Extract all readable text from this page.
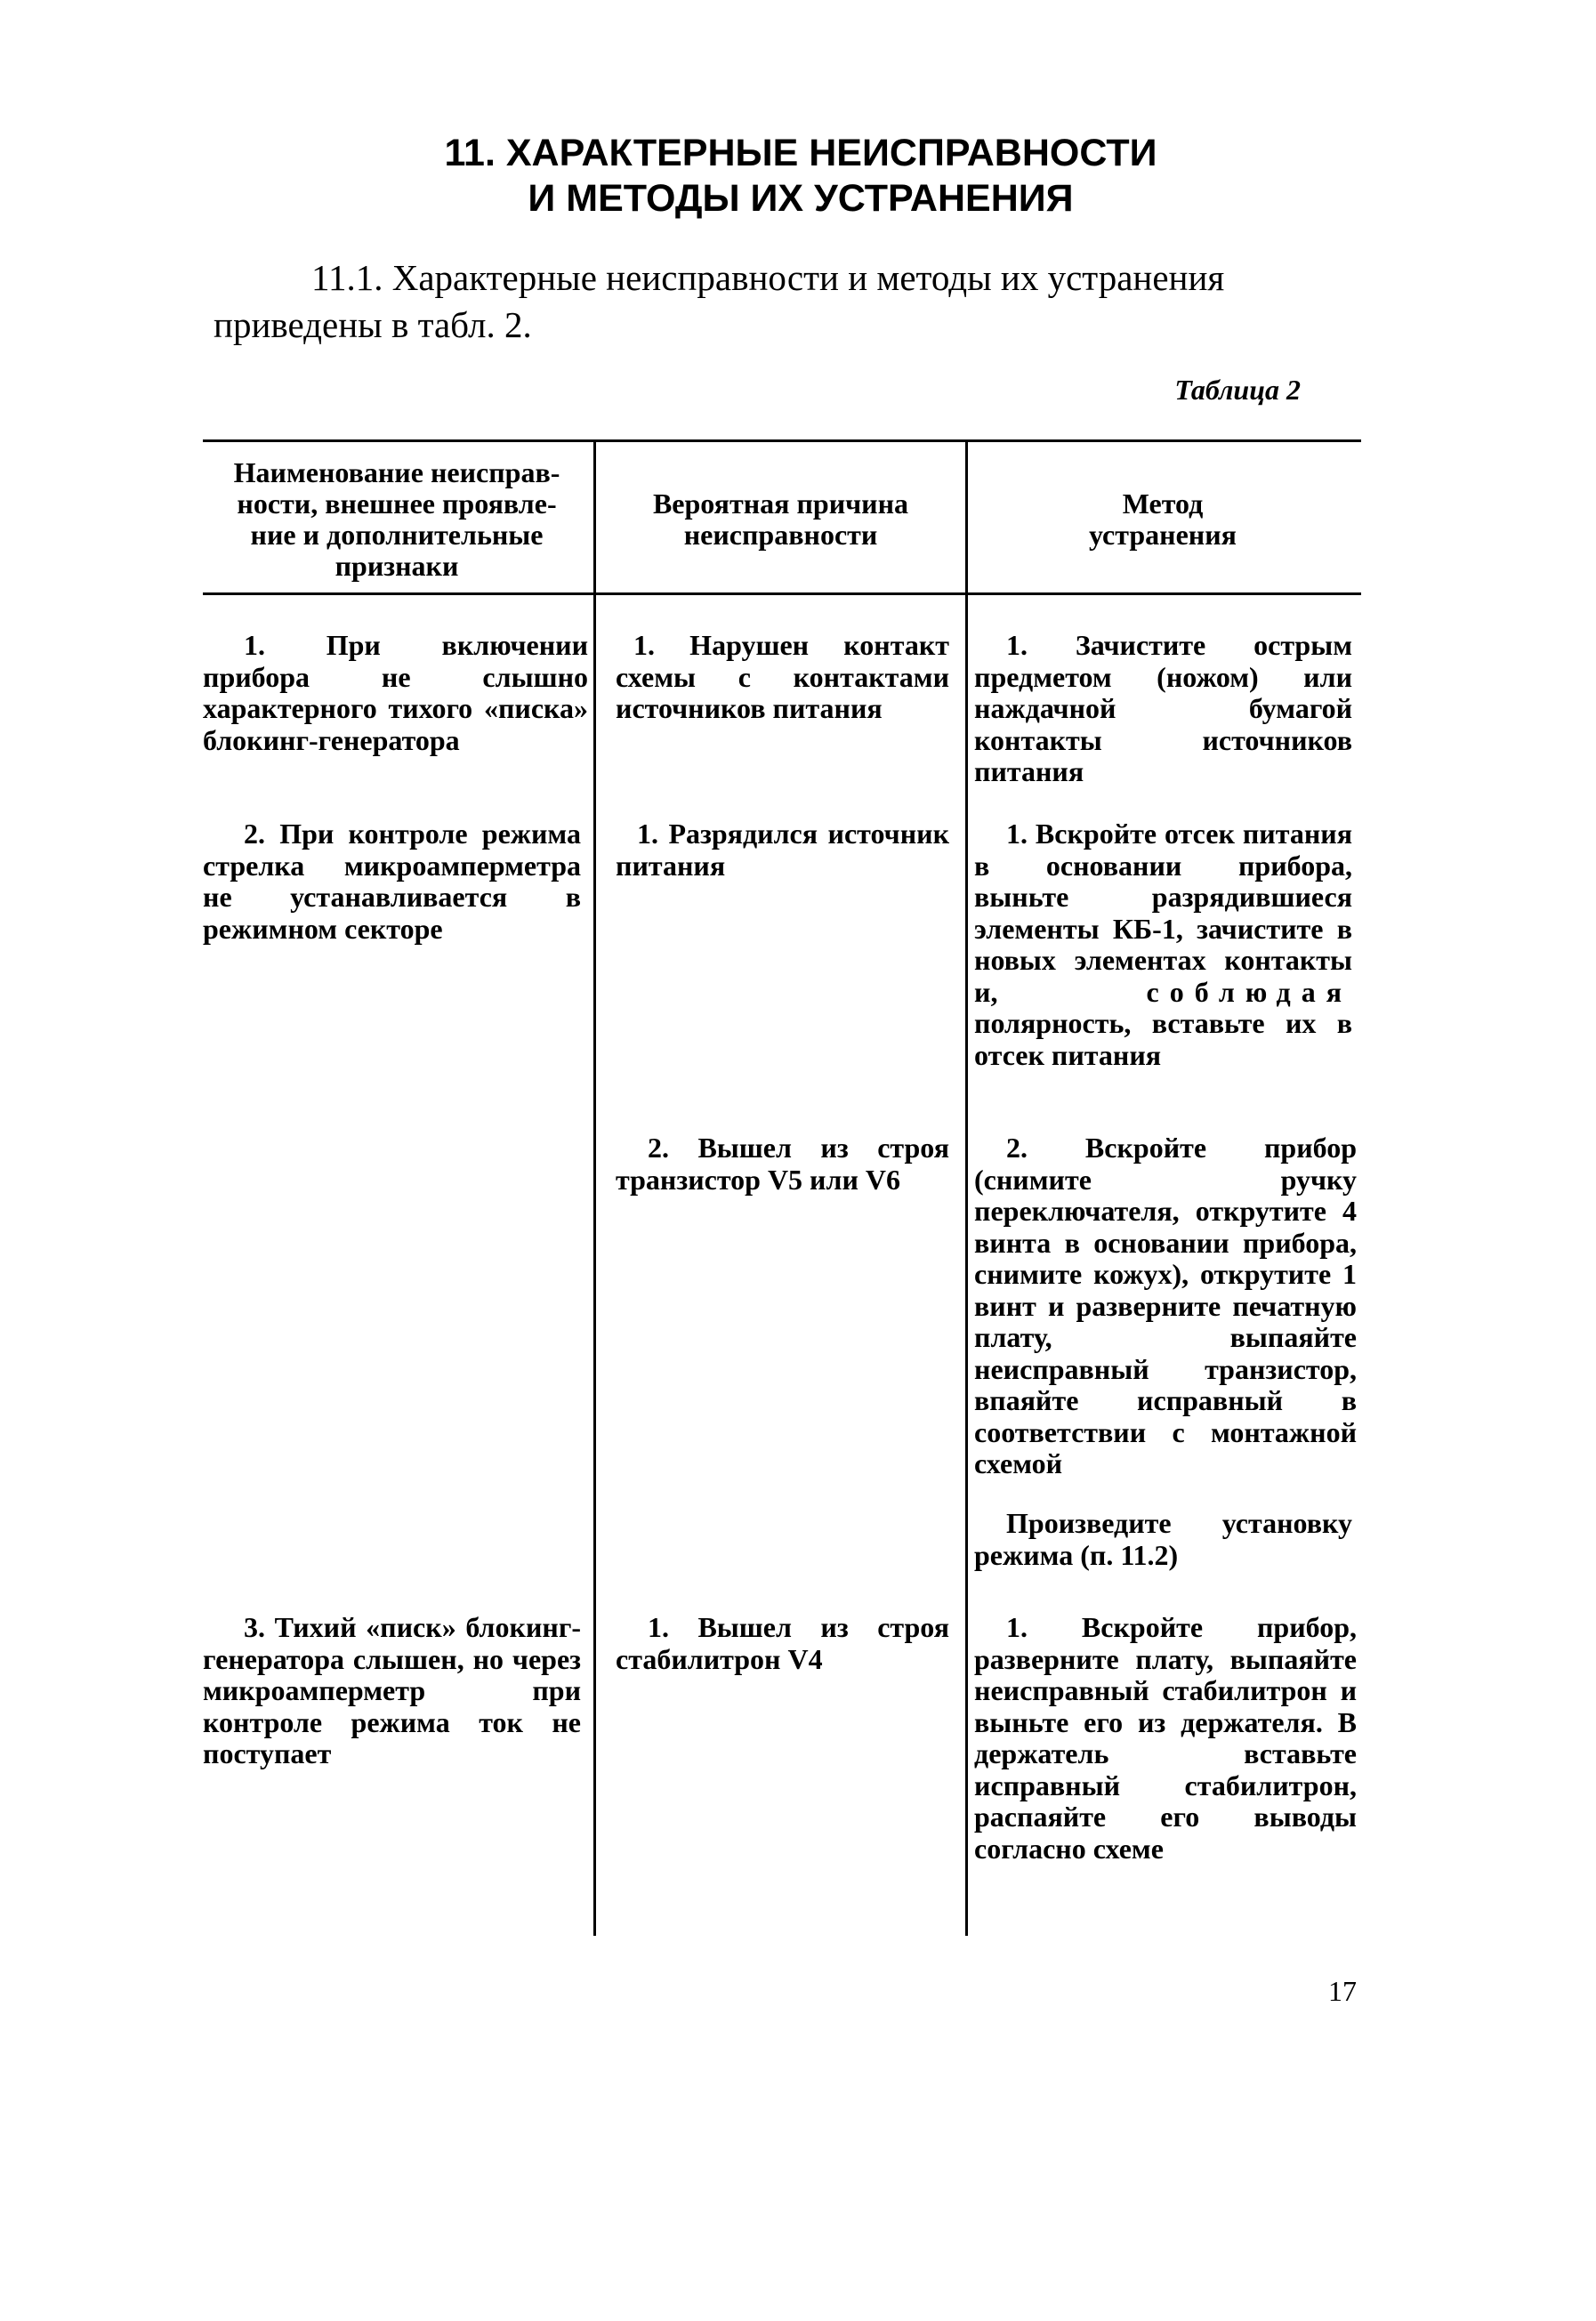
11. ХАРАКТЕРНЫЕ НЕИСПРАВНОСТИ
И МЕТОДЫ ИХ УСТРАНЕНИЯ
11.1. Характерные неисправности и методы их устранения
приведены в табл. 2.
Таблица 2
Наименование неисправ-
ности, внешнее проявле-
ние и дополнительные
признаки
Вероятная причина
неисправности
Метод
устранения
1. При включении прибора не слышно характерного тихого «писка» блокинг-генератора
1. Нарушен контакт схемы с контактами источников питания
1. Зачистите острым предметом (ножом) или наждачной бумагой контакты источников питания
2. При контроле режима стрелка микроамперметра не устанавливается в режимном секторе
1. Разрядился источник питания
1. Вскройте отсек питания в основании прибора, выньте разрядившиеся элементы КБ-1, зачистите в новых элементах контакты и,	соблюдая полярность, вставьте их в отсек питания
2. Вышел из строя транзистор V5 или V6
2. Вскройте прибор (снимите ручку переключателя, открутите 4 винта в основании прибора, снимите кожух), открутите 1 винт и разверните печатную плату, выпаяйте неисправный транзистор, впаяйте исправный в соответствии с монтажной схемой
Произведите установку режима (п. 11.2)
3. Тихий «писк» блокинг-генератора слышен, но через микроамперметр при контроле режима ток не поступает
1. Вышел из строя стабилитрон V4
1. Вскройте прибор, разверните плату, выпаяйте неисправный стабилитрон и выньте его из держателя. В держатель вставьте исправный стабилитрон, распаяйте его выводы согласно схеме
17
